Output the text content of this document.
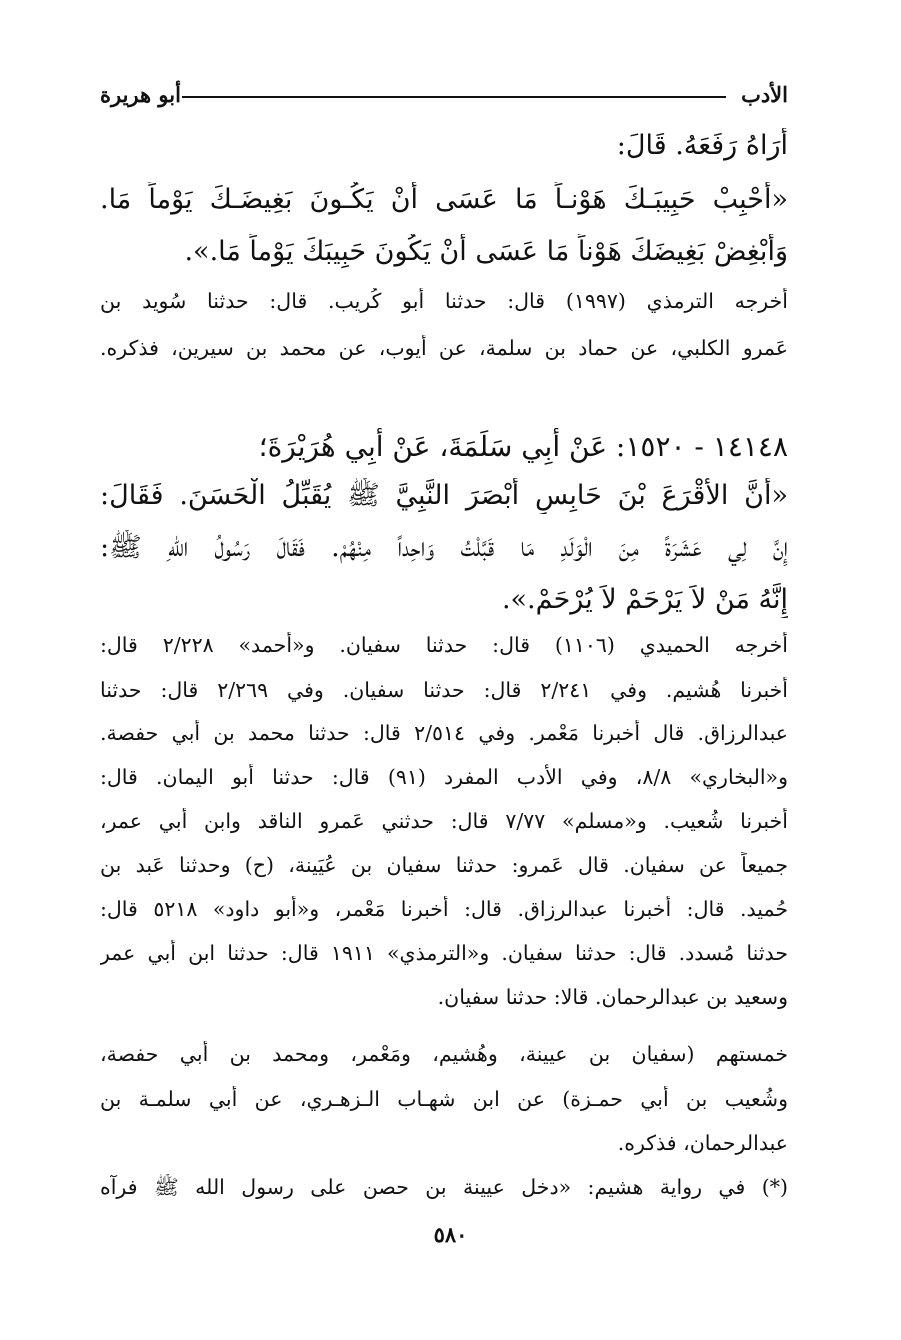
الأدب
أبو هريرة
أُرَاهُ رَفَعَهُ. قَالَ:
«أَحْبِبْ حَبِيبَـكَ هَوْنـاً مَا عَسَى أَنْ يَكُـونَ بَغِيضَـكَ يَوْماً مَا.
وَأَبْغِضْ بَغِيضَكَ هَوْناً مَا عَسَى أَنْ يَكُونَ حَبِيبَكَ يَوْماً مَا.».
أخرجه الترمذي (١٩٩٧) قال: حدثنا أبو كُريب. قال: حدثنا سُويد بن
عَمرو الكلبي، عن حماد بن سلمة، عن أيوب، عن محمد بن سيرين، فذكره.
١٤١٤٨ - ١٥٢٠: عَنْ أَبِي سَلَمَةَ، عَنْ أَبِي هُرَيْرَةَ؛
«أَنَّ الأَقْرَعَ بْنَ حَابِسٍ أَبْصَرَ النَّبِيَّ ﷺ يُقَبِّلُ الْحَسَنَ. فَقَالَ:
إِنَّ لِي عَشَرَةً مِنَ الْوَلَدِ مَا قَبَّلْتُ وَاحِداً مِنْهُمْ. فَقَالَ رَسُولُ اللهِ ﷺ:
إِنَّهُ مَنْ لاَ يَرْحَمْ لاَ يُرْحَمْ.».
أخرجه الحميدي (١١٠٦) قال: حدثنا سفيان. و«أحمد» ٢/٢٢٨ قال:
أخبرنا هُشيم. وفي ٢/٢٤١ قال: حدثنا سفيان. وفي ٢/٢٦٩ قال: حدثنا
عبدالرزاق. قال أخبرنا مَعْمر. وفي ٢/٥١٤ قال: حدثنا محمد بن أبي حفصة.
و«البخاري» ٨/٨، وفي الأدب المفرد (٩١) قال: حدثنا أبو اليمان. قال:
أخبرنا شُعيب. و«مسلم» ٧/٧٧ قال: حدثني عَمرو الناقد وابن أبي عمر،
جميعاً عن سفيان. قال عَمرو: حدثنا سفيان بن عُيَينة، (ح) وحدثنا عَبد بن
حُميد. قال: أخبرنا عبدالرزاق. قال: أخبرنا مَعْمر، و«أبو داود» ٥٢١٨ قال:
حدثنا مُسدد. قال: حدثنا سفيان. و«الترمذي» ١٩١١ قال: حدثنا ابن أبي عمر
وسعيد بن عبدالرحمان. قالا: حدثنا سفيان.
خمستهم (سفيان بن عيينة، وهُشيم، ومَعْمر، ومحمد بن أبي حفصة،
وشُعيب بن أبي حمـزة) عن ابن شهـاب الـزهـري، عن أبي سلمـة بن
عبدالرحمان، فذكره.
(*) في رواية هشيم: «دخل عيينة بن حصن على رسول الله ﷺ فرآه
٥٨٠
